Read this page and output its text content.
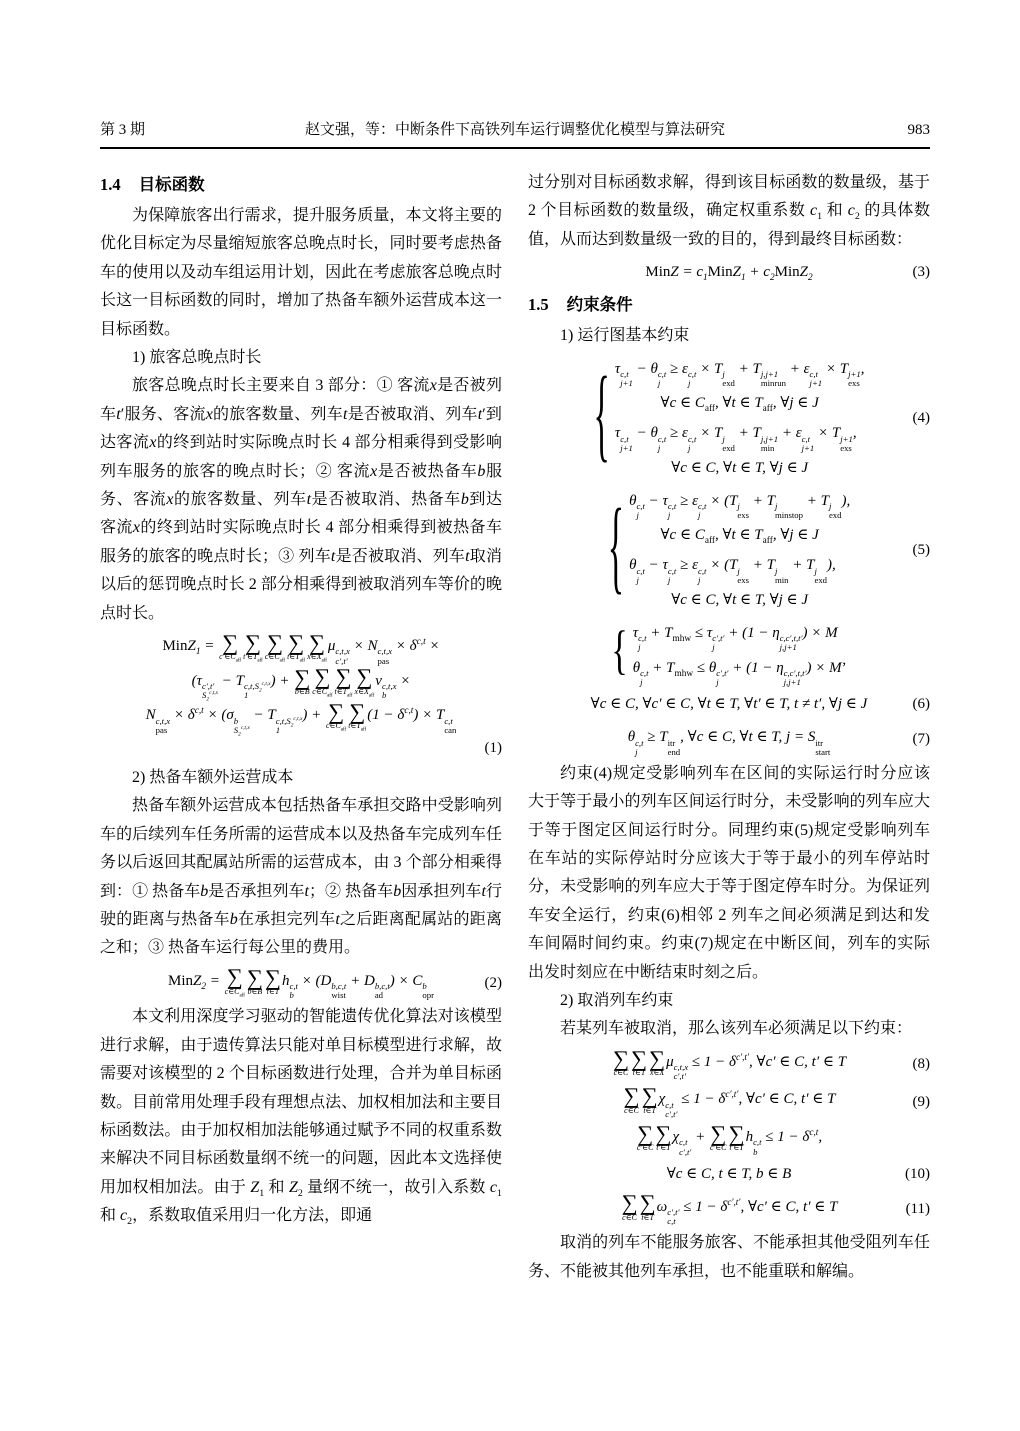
第 3 期	赵文强，等：中断条件下高铁列车运行调整优化模型与算法研究	983
1.4 目标函数

为保障旅客出行需求，提升服务质量，本文将主要的优化目标定为尽量缩短旅客总晚点时长，同时要考虑热备车的使用以及动车组运用计划，因此在考虑旅客总晚点时长这一目标函数的同时，增加了热备车额外运营成本这一目标函数。

1) 旅客总晚点时长

旅客总晚点时长主要来自 3 部分：① 客流x是否被列车t′服务、客流x的旅客数量、列车t是否被取消、列车t′到达客流x的终到站时实际晚点时长 4 部分相乘得到受影响列车服务的旅客的晚点时长；② 客流x是否被热备车b服务、客流x的旅客数量、列车t是否被取消、热备车b到达客流x的终到站时实际晚点时长 4 部分相乘得到被热备车服务的旅客的晚点时长；③ 列车t是否被取消、列车t取消以后的惩罚晚点时长 2 部分相乘得到被取消列车等价的晚点时长。

MinZ$_1$ = ∑
$c'\in C_{aff}$
∑
$t'\in T_{aff}$
∑
$c\in C_{aff}$
∑
$t\in T_{aff}$
∑
$x\in X_{aff}$
μ c,t,x
c′,t′
× N c,t,x
pas
× $\delta^{c,t}$ ×
(τ c′,t′
$S_2^{c,t,x}$
− T $c,t,S_2^{c,t,x}$
1
) + ∑
b∈B
∑
$c\in C_{aff}$
∑
$t\in T_{aff}$
∑
$x\in X_{aff}$
v c,t,x
b
×
N c,t,x
pas
× $\delta^{c,t} \times (\sigma$ b
$S_2^{c,t,x}$
− T $c,t,S_2^{c,t,x}$
1
) + ∑
$c\in C_{aff}$
∑
$t\in T_{aff}$
$(1 - \delta^{c,t}) \times T$ c,t
can
(1)

2) 热备车额外运营成本

热备车额外运营成本包括热备车承担交路中受影响列车的后续列车任务所需的运营成本以及热备车完成列车任务以后返回其配属站所需的运营成本，由 3 个部分相乘得到：① 热备车b是否承担列车t；② 热备车b因承担列车t行驶的距离与热备车b在承担完列车t之后距离配属站的距离之和；③ 热备车运行每公里的费用。

MinZ$_2$ = ∑
$c\in C_{aff}$
∑
b∈B
∑
t∈T
h c,t
b
× (D b,c,t
wist
+ D b,c,t
ad
) × C b
opr
(2)

本文利用深度学习驱动的智能遗传优化算法对该模型进行求解，由于遗传算法只能对单目标模型进行求解，故需要对该模型的 2 个目标函数进行处理，合并为单目标函数。目前常用处理手段有理想点法、加权相加法和主要目标函数法。由于加权相加法能够通过赋予不同的权重系数来解决不同目标函数量纲不统一的问题，因此本文选择使用加权相加法。由于 $Z_1$ 和 $Z_2$ 量纲不统一，故引入系数 $c_1$ 和 $c_2$，系数取值采用归一化方法，即通

过分别对目标函数求解，得到该目标函数的数量级，基于 2 个目标函数的数量级，确定权重系数 $c_1$ 和 $c_2$ 的具体数值，从而达到数量级一致的目的，得到最终目标函数：

MinZ = $c_1MinZ_1$ + $c_2MinZ_2$	(3)
1.5 约束条件

1) 运行图基本约束

{ τ c,t
j+1
− θ c,t
j
≥ ε c,t
j
× T j
exd
+ T j,j+1
minrun
+ ε c,t
j+1
× T j+1
exs
,
∀c ∈ $C_{aff}$, ∀t ∈ $T_{aff}$, ∀j ∈ J
τ c,t
j+1
− θ c,t
j
≥ ε c,t
j
× T j
exd
+ T j,j+1
min
+ ε c,t
j+1
× T j+1
exs
,
∀c ∈ C, ∀t ∈ T, ∀j ∈ J
(4)
{ θ c,t
j
− τ c,t
j
≥ ε c,t
j
× (T j
exs
+ T j
minstop
+ T j
exd
),
∀c ∈ $C_{aff}$, ∀t ∈ $T_{aff}$, ∀j ∈ J
θ c,t
j
− τ c,t
j
≥ ε c,t
j
× (T j
exs
+ T j
min
+ T j
exd
),
∀c ∈ C, ∀t ∈ T, ∀j ∈ J
(5)
{ τ c,t
j
+ $T_{mhw} \le \tau$ c′,t′
j
+ (1 − η c,c′,t,t′
j,j+1
) × M
θ c,t
j
+ $T_{mhw} \le \theta$ c′,t′
j
+ (1 − η c,c′,t,t′
j,j+1
) × M’
∀c ∈ C, ∀c′ ∈ C, ∀t ∈ T, ∀t′ ∈ T, t ≠ t′, ∀j ∈ J	(6)
θ c,t
j
≥ T itr
end
, ∀c ∈ C, ∀t ∈ T, j = S itr
start
(7)

约束(4)规定受影响列车在区间的实际运行时分应该大于等于最小的列车区间运行时分，未受影响的列车应大于等于图定区间运行时分。同理约束(5)规定受影响列车在车站的实际停站时分应该大于等于最小的列车停站时分，未受影响的列车应大于等于图定停车时分。为保证列车安全运行，约束(6)相邻 2 列车之间必须满足到达和发车间隔时间约束。约束(7)规定在中断区间，列车的实际出发时刻应在中断结束时刻之后。

2) 取消列车约束

若某列车被取消，那么该列车必须满足以下约束：

∑
c∈C
∑
t∈T
∑
x∈X
μ c,t,x
c′,t′
≤ $1 - \delta^{c',t'}$, ∀c′ ∈ C, t′ ∈ T	(8)
∑
c∈C
∑
t∈T
χ c,t
c′,t′
≤ $1 - \delta^{c',t'}$, ∀c′ ∈ C, t′ ∈ T	(9)
∑
c′∈C
∑
t′∈T
χ c,t
c′,t′
+ ∑
c′∈C
∑
t′∈T
h c,t
b
≤ $1 - \delta^{c,t}$,
∀c ∈ C, t ∈ T, b ∈ B	(10)
∑
c∈C
∑
t∈T
ω c′,t′
c,t
≤ $1 - \delta^{c',t'}$, ∀c′ ∈ C, t′ ∈ T	(11)

取消的列车不能服务旅客、不能承担其他受阻列车任务、不能被其他列车承担，也不能重联和解编。
